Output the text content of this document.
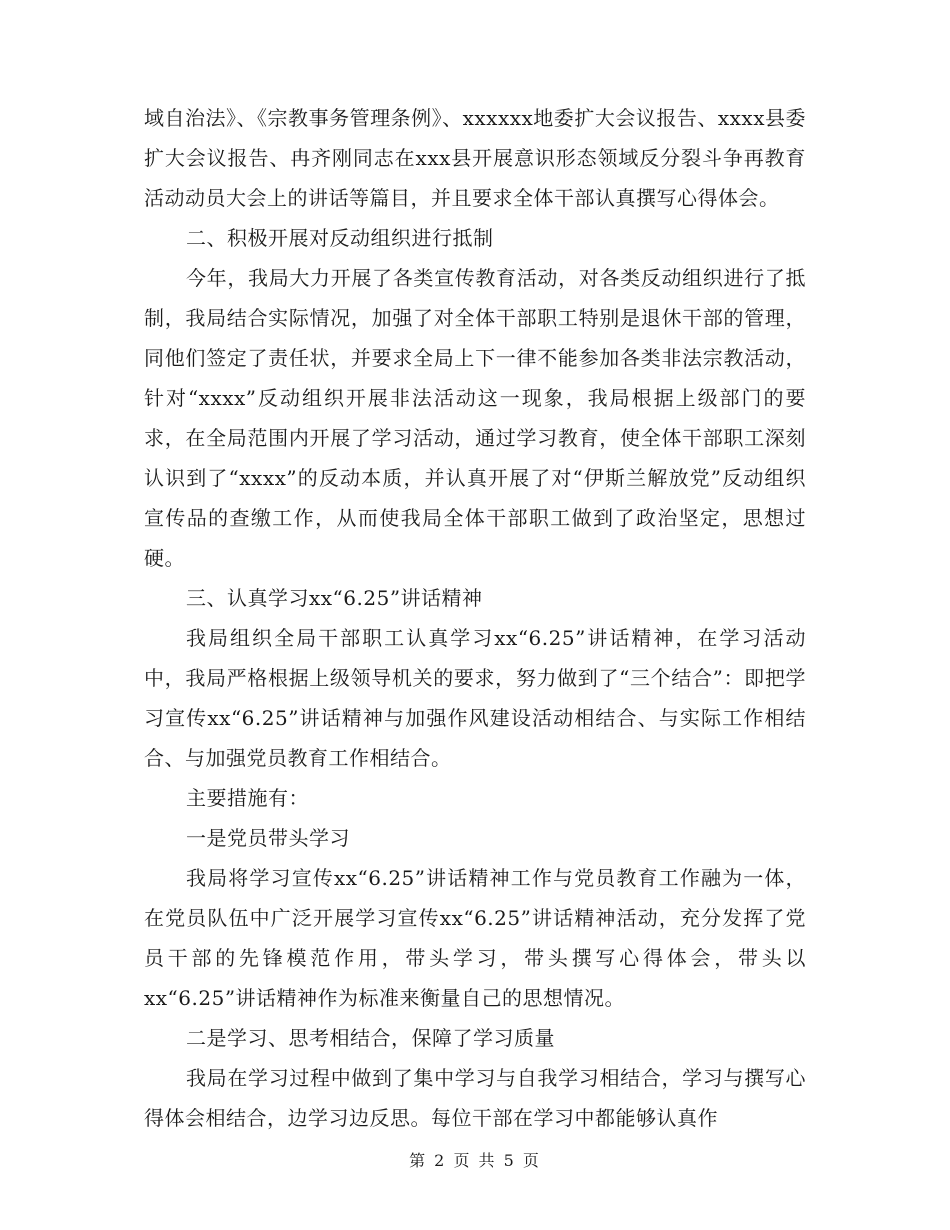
域自治法》、《宗教事务管理条例》、xxxxxx地委扩大会议报告、xxxx县委扩大会议报告、冉齐刚同志在xxx县开展意识形态领域反分裂斗争再教育活动动员大会上的讲话等篇目，并且要求全体干部认真撰写心得体会。

二、积极开展对反动组织进行抵制

今年，我局大力开展了各类宣传教育活动，对各类反动组织进行了抵制，我局结合实际情况，加强了对全体干部职工特别是退休干部的管理，同他们签定了责任状，并要求全局上下一律不能参加各类非法宗教活动，针对“xxxx”反动组织开展非法活动这一现象，我局根据上级部门的要求，在全局范围内开展了学习活动，通过学习教育，使全体干部职工深刻认识到了“xxxx”的反动本质，并认真开展了对“伊斯兰解放党”反动组织宣传品的查缴工作，从而使我局全体干部职工做到了政治坚定，思想过硬。

三、认真学习xx“6.25”讲话精神

我局组织全局干部职工认真学习xx“6.25”讲话精神，在学习活动中，我局严格根据上级领导机关的要求，努力做到了“三个结合”：即把学习宣传xx“6.25”讲话精神与加强作风建设活动相结合、与实际工作相结合、与加强党员教育工作相结合。

主要措施有：

一是党员带头学习

我局将学习宣传xx“6.25”讲话精神工作与党员教育工作融为一体，在党员队伍中广泛开展学习宣传xx“6.25”讲话精神活动，充分发挥了党员干部的先锋模范作用，带头学习，带头撰写心得体会，带头以xx“6.25”讲话精神作为标准来衡量自己的思想情况。

二是学习、思考相结合，保障了学习质量

我局在学习过程中做到了集中学习与自我学习相结合，学习与撰写心得体会相结合，边学习边反思。每位干部在学习中都能够认真作

第 2 页 共 5 页
